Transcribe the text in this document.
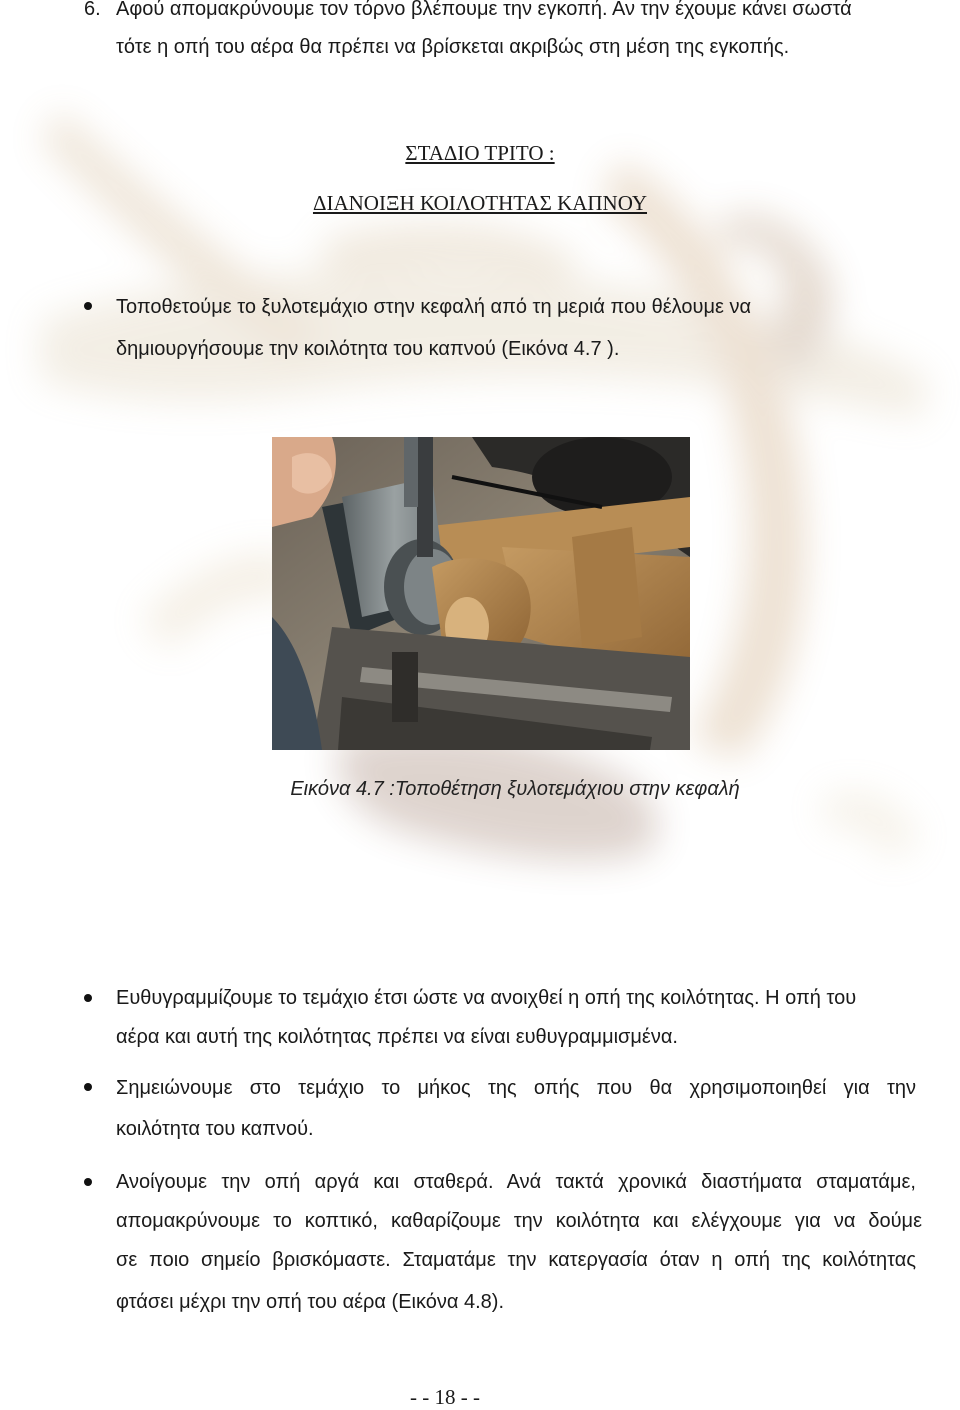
6. Αφού απομακρύνουμε τον τόρνο βλέπουμε την εγκοπή. Αν την έχουμε κάνει σωστά
τότε η οπή του αέρα θα πρέπει να βρίσκεται ακριβώς στη μέση της εγκοπής.
ΣΤΑΔΙΟ ΤΡΙΤΟ :
ΔΙΑΝΟΙΞΗ ΚΟΙΛΟΤΗΤΑΣ ΚΑΠΝΟΥ
Τοποθετούμε το ξυλοτεμάχιο στην κεφαλή από τη μεριά που θέλουμε να
δημιουργήσουμε την κοιλότητα του καπνού (Εικόνα 4.7 ).
Εικόνα 4.7 :Τοποθέτηση ξυλοτεμάχιου στην κεφαλή
Ευθυγραμμίζουμε το τεμάχιο έτσι ώστε να ανοιχθεί η οπή της κοιλότητας. Η οπή του
αέρα και αυτή της κοιλότητας πρέπει να είναι ευθυγραμμισμένα.
Σημειώνουμε στο τεμάχιο το μήκος της οπής που θα χρησιμοποιηθεί για την
κοιλότητα του καπνού.
Ανοίγουμε την οπή αργά και σταθερά. Ανά τακτά χρονικά διαστήματα σταματάμε,
απομακρύνουμε το κοπτικό, καθαρίζουμε την κοιλότητα και ελέγχουμε για να δούμε
σε ποιο σημείο βρισκόμαστε. Σταματάμε την κατεργασία όταν η οπή της κοιλότητας
φτάσει μέχρι την οπή του αέρα (Εικόνα 4.8).
- - 18 - -
